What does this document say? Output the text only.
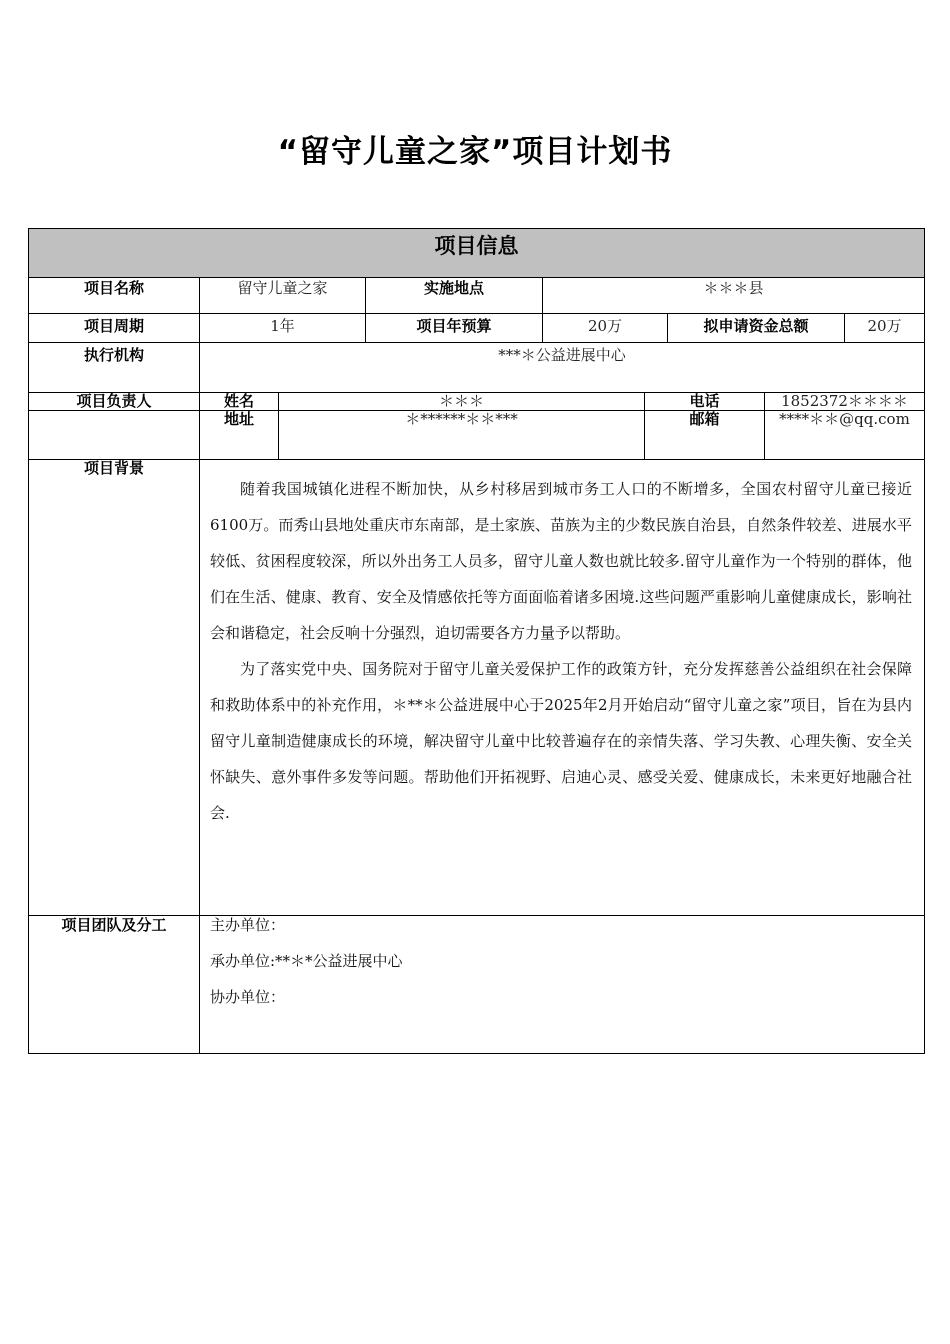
“留守儿童之家”项目计划书
项目信息
项目名称	留守儿童之家	实施地点	＊＊＊县
项目周期	1年	项目年预算	20万	拟申请资金总额	20万
执行机构	***＊公益进展中心
项目负责人	姓名	＊＊＊	电话	1852372＊＊＊＊
地址	＊******＊＊***	邮箱	****＊＊@qq.com
项目背景

随着我国城镇化进程不断加快，从乡村移居到城市务工人口的不断增多，全国农村留守儿童已接近6100万。而秀山县地处重庆市东南部，是土家族、苗族为主的少数民族自治县，自然条件较差、进展水平较低、贫困程度较深，所以外出务工人员多，留守儿童人数也就比较多.留守儿童作为一个特别的群体，他们在生活、健康、教育、安全及情感依托等方面面临着诸多困境.这些问题严重影响儿童健康成长，影响社会和谐稳定，社会反响十分强烈，迫切需要各方力量予以帮助。

为了落实党中央、国务院对于留守儿童关爱保护工作的政策方针，充分发挥慈善公益组织在社会保障和救助体系中的补充作用，＊**＊公益进展中心于2025年2月开始启动“留守儿童之家”项目，旨在为县内留守儿童制造健康成长的环境，解决留守儿童中比较普遍存在的亲情失落、学习失教、心理失衡、安全关怀缺失、意外事件多发等问题。帮助他们开拓视野、启迪心灵、感受关爱、健康成长，未来更好地融合社会.

项目团队及分工	主办单位：
承办单位:**＊*公益进展中心
协办单位：
